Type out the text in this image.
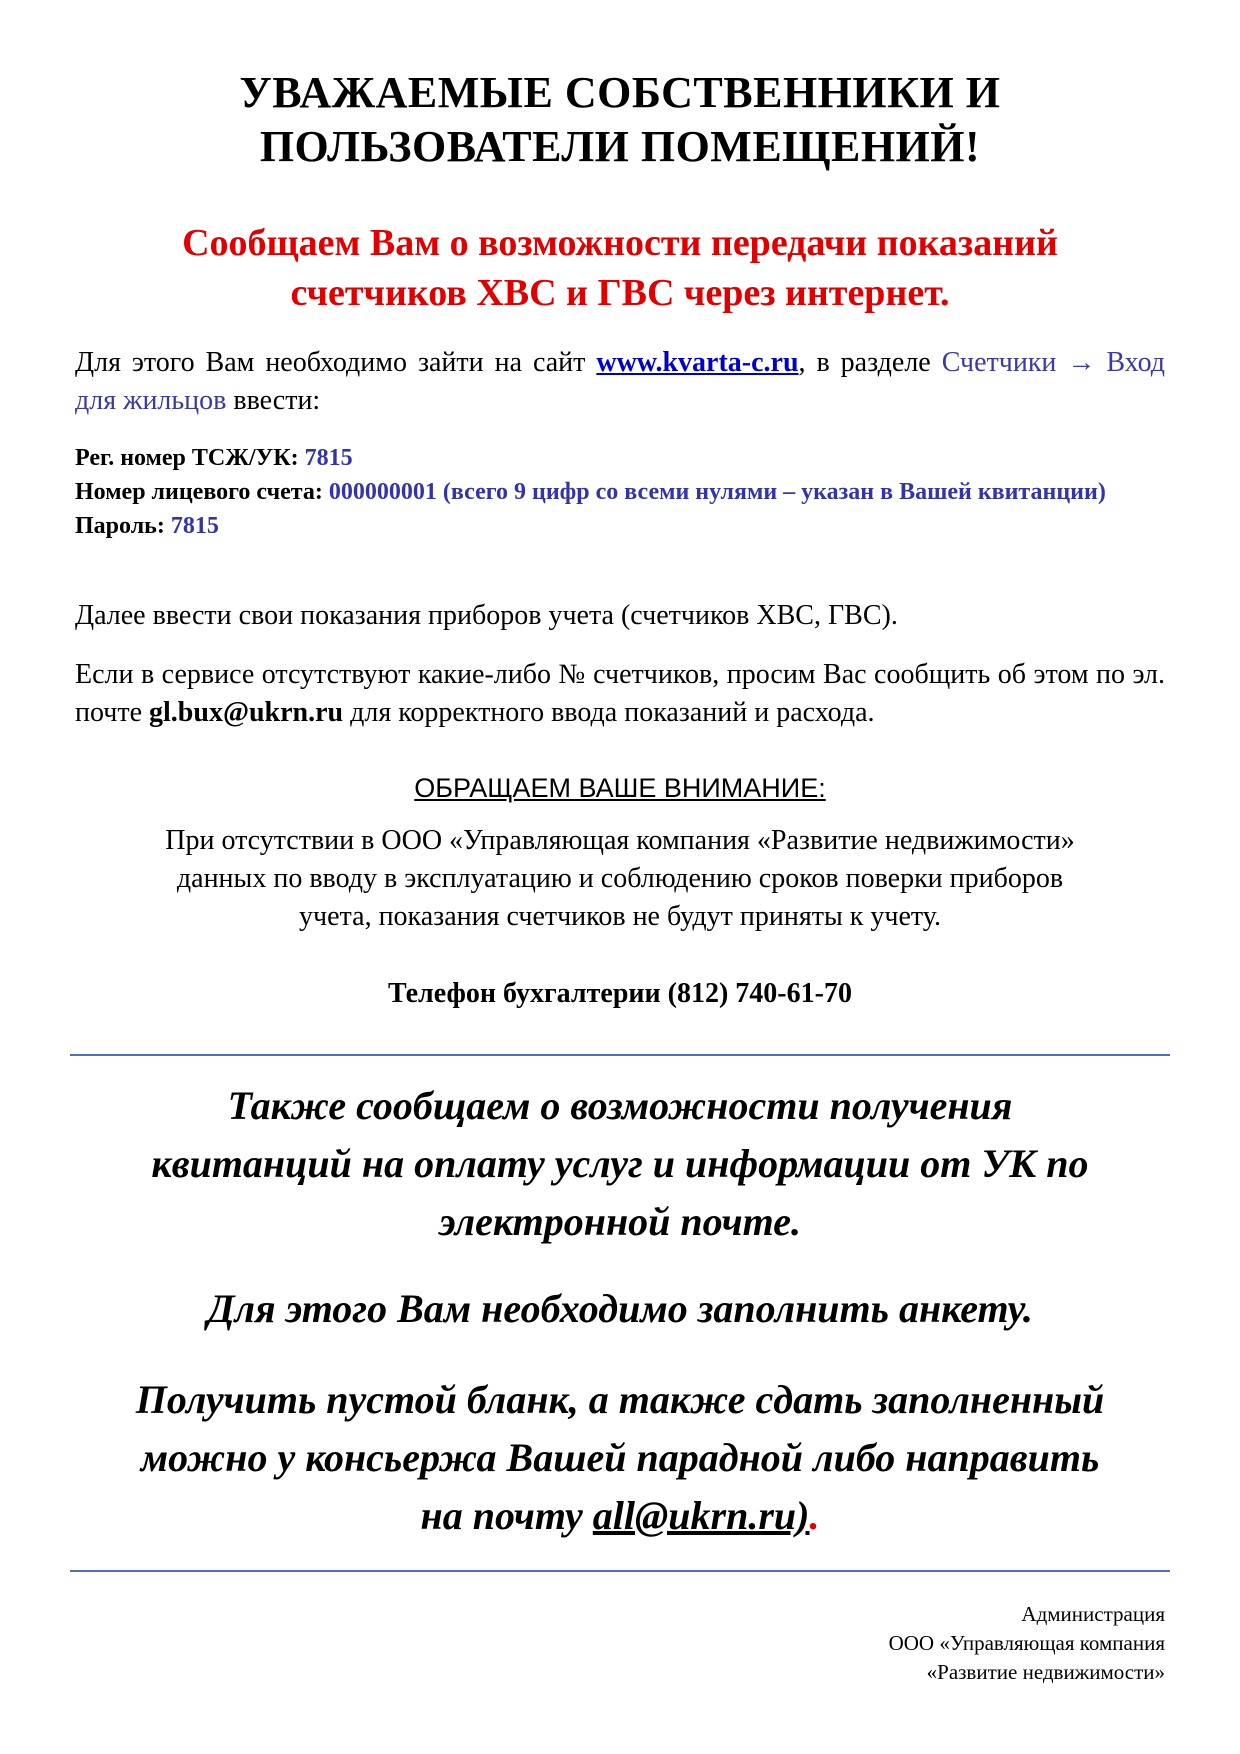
УВАЖАЕМЫЕ СОБСТВЕННИКИ И
ПОЛЬЗОВАТЕЛИ ПОМЕЩЕНИЙ!
Сообщаем Вам о возможности передачи показаний
счетчиков ХВС и ГВС через интернет.
Для этого Вам необходимо зайти на сайт www.kvarta-c.ru, в разделе Счетчики → Вход для жильцов ввести:
Рег. номер ТСЖ/УК: 7815
Номер лицевого счета: 000000001 (всего 9 цифр со всеми нулями – указан в Вашей квитанции)
Пароль: 7815
Далее ввести свои показания приборов учета (счетчиков ХВС, ГВС).
Если в сервисе отсутствуют какие-либо № счетчиков, просим Вас сообщить об этом по эл. почте gl.bux@ukrn.ru для корректного ввода показаний и расхода.
ОБРАЩАЕМ ВАШЕ ВНИМАНИЕ:
При отсутствии в ООО «Управляющая компания «Развитие недвижимости»
данных по вводу в эксплуатацию и соблюдению сроков поверки приборов
учета, показания счетчиков не будут приняты к учету.
Телефон бухгалтерии (812) 740-61-70
Также сообщаем о возможности получения
квитанций на оплату услуг и информации от УК по
электронной почте.
Для этого Вам необходимо заполнить анкету.
Получить пустой бланк, а также сдать заполненный
можно у консьержа Вашей парадной либо направить
на почту all@ukrn.ru).
Администрация
ООО «Управляющая компания
«Развитие недвижимости»
